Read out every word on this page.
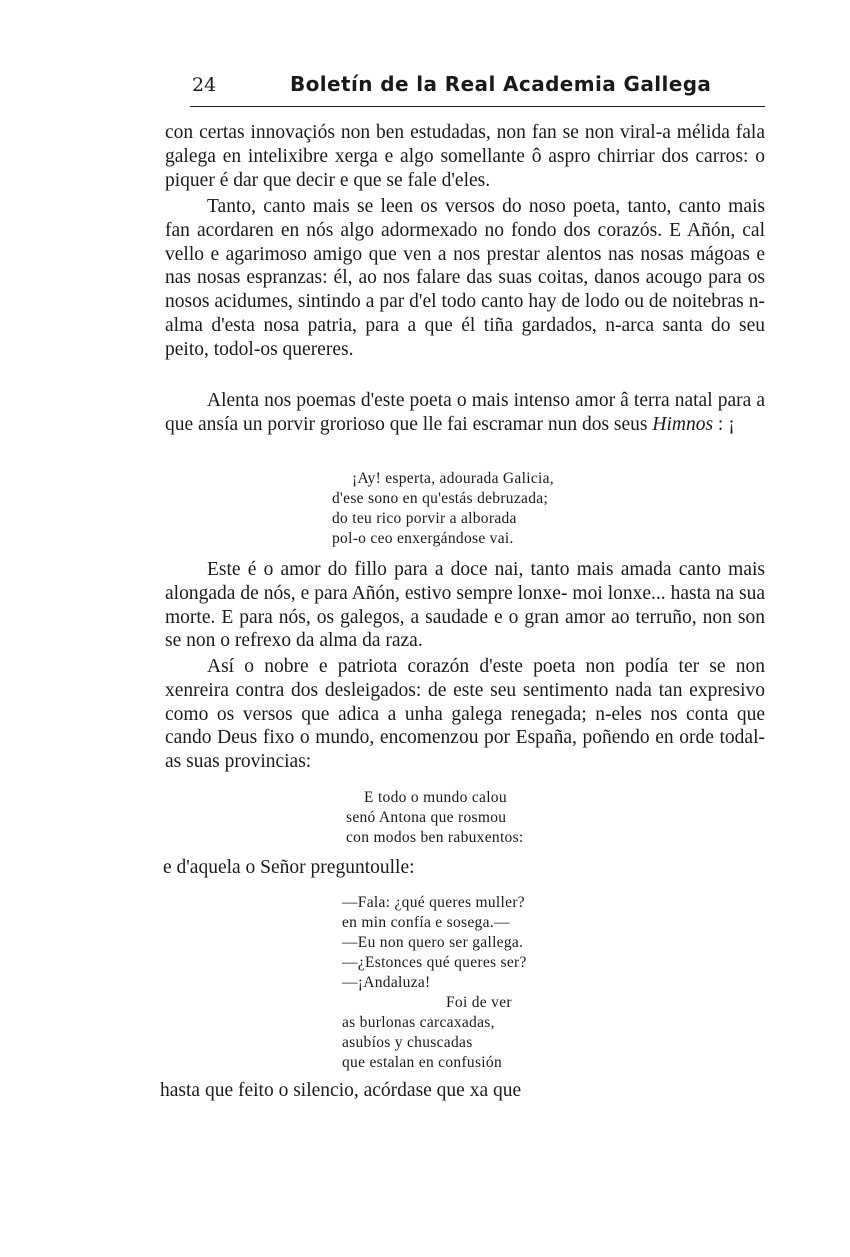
24	Boletín de la Real Academia Gallega

con certas innovaçiós non ben estudadas, non fan se non viral-a mélida fala galega en intelixibre xerga e algo somellante ô aspro chirriar dos carros: o piquer é dar que decir e que se fale d'eles.

Tanto, canto mais se leen os versos do noso poeta, tanto, canto mais fan acordaren en nós algo adormexado no fondo dos corazós. E Añón, cal vello e agarimoso amigo que ven a nos prestar alentos nas nosas mágoas e nas nosas espranzas: él, ao nos falare das suas coitas, danos acougo para os nosos acidumes, sintindo a par d'el todo canto hay de lodo ou de noitebras n-alma d'esta nosa patria, para a que él tiña gardados, n-arca santa do seu peito, todol-os quereres.

Alenta nos poemas d'este poeta o mais intenso amor â terra natal para a que ansía un porvir grorioso que lle fai escramar nun dos seus Himnos : ¡

¡Ay! esperta, adourada Galicia,
d'ese sono en qu'estás debruzada;
do teu rico porvir a alborada
pol-o ceo enxergándose vai.

Este é o amor do fillo para a doce nai, tanto mais amada canto mais alongada de nós, e para Añón, estivo sempre lonxe- moi lonxe... hasta na sua morte. E para nós, os galegos, a saudade e o gran amor ao terruño, non son se non o refrexo da alma da raza.

Así o nobre e patriota corazón d'este poeta non podía ter se non xenreira contra dos desleigados: de este seu sentimento nada tan expresivo como os versos que adica a unha galega renegada; n-eles nos conta que cando Deus fixo o mundo, encomenzou por España, poñendo en orde todal-as suas provincias:

E todo o mundo calou
senó Antona que rosmou
con modos ben rabuxentos:

e d'aquela o Señor preguntoulle:

—Fala: ¿qué queres muller?
en min confía e sosega.—
—Eu non quero ser gallega.
—¿Estonces qué queres ser?
—¡Andaluza!
Foi de ver
as burlonas carcaxadas,
asubíos y chuscadas
que estalan en confusión

hasta que feito o silencio, acórdase que xa que
